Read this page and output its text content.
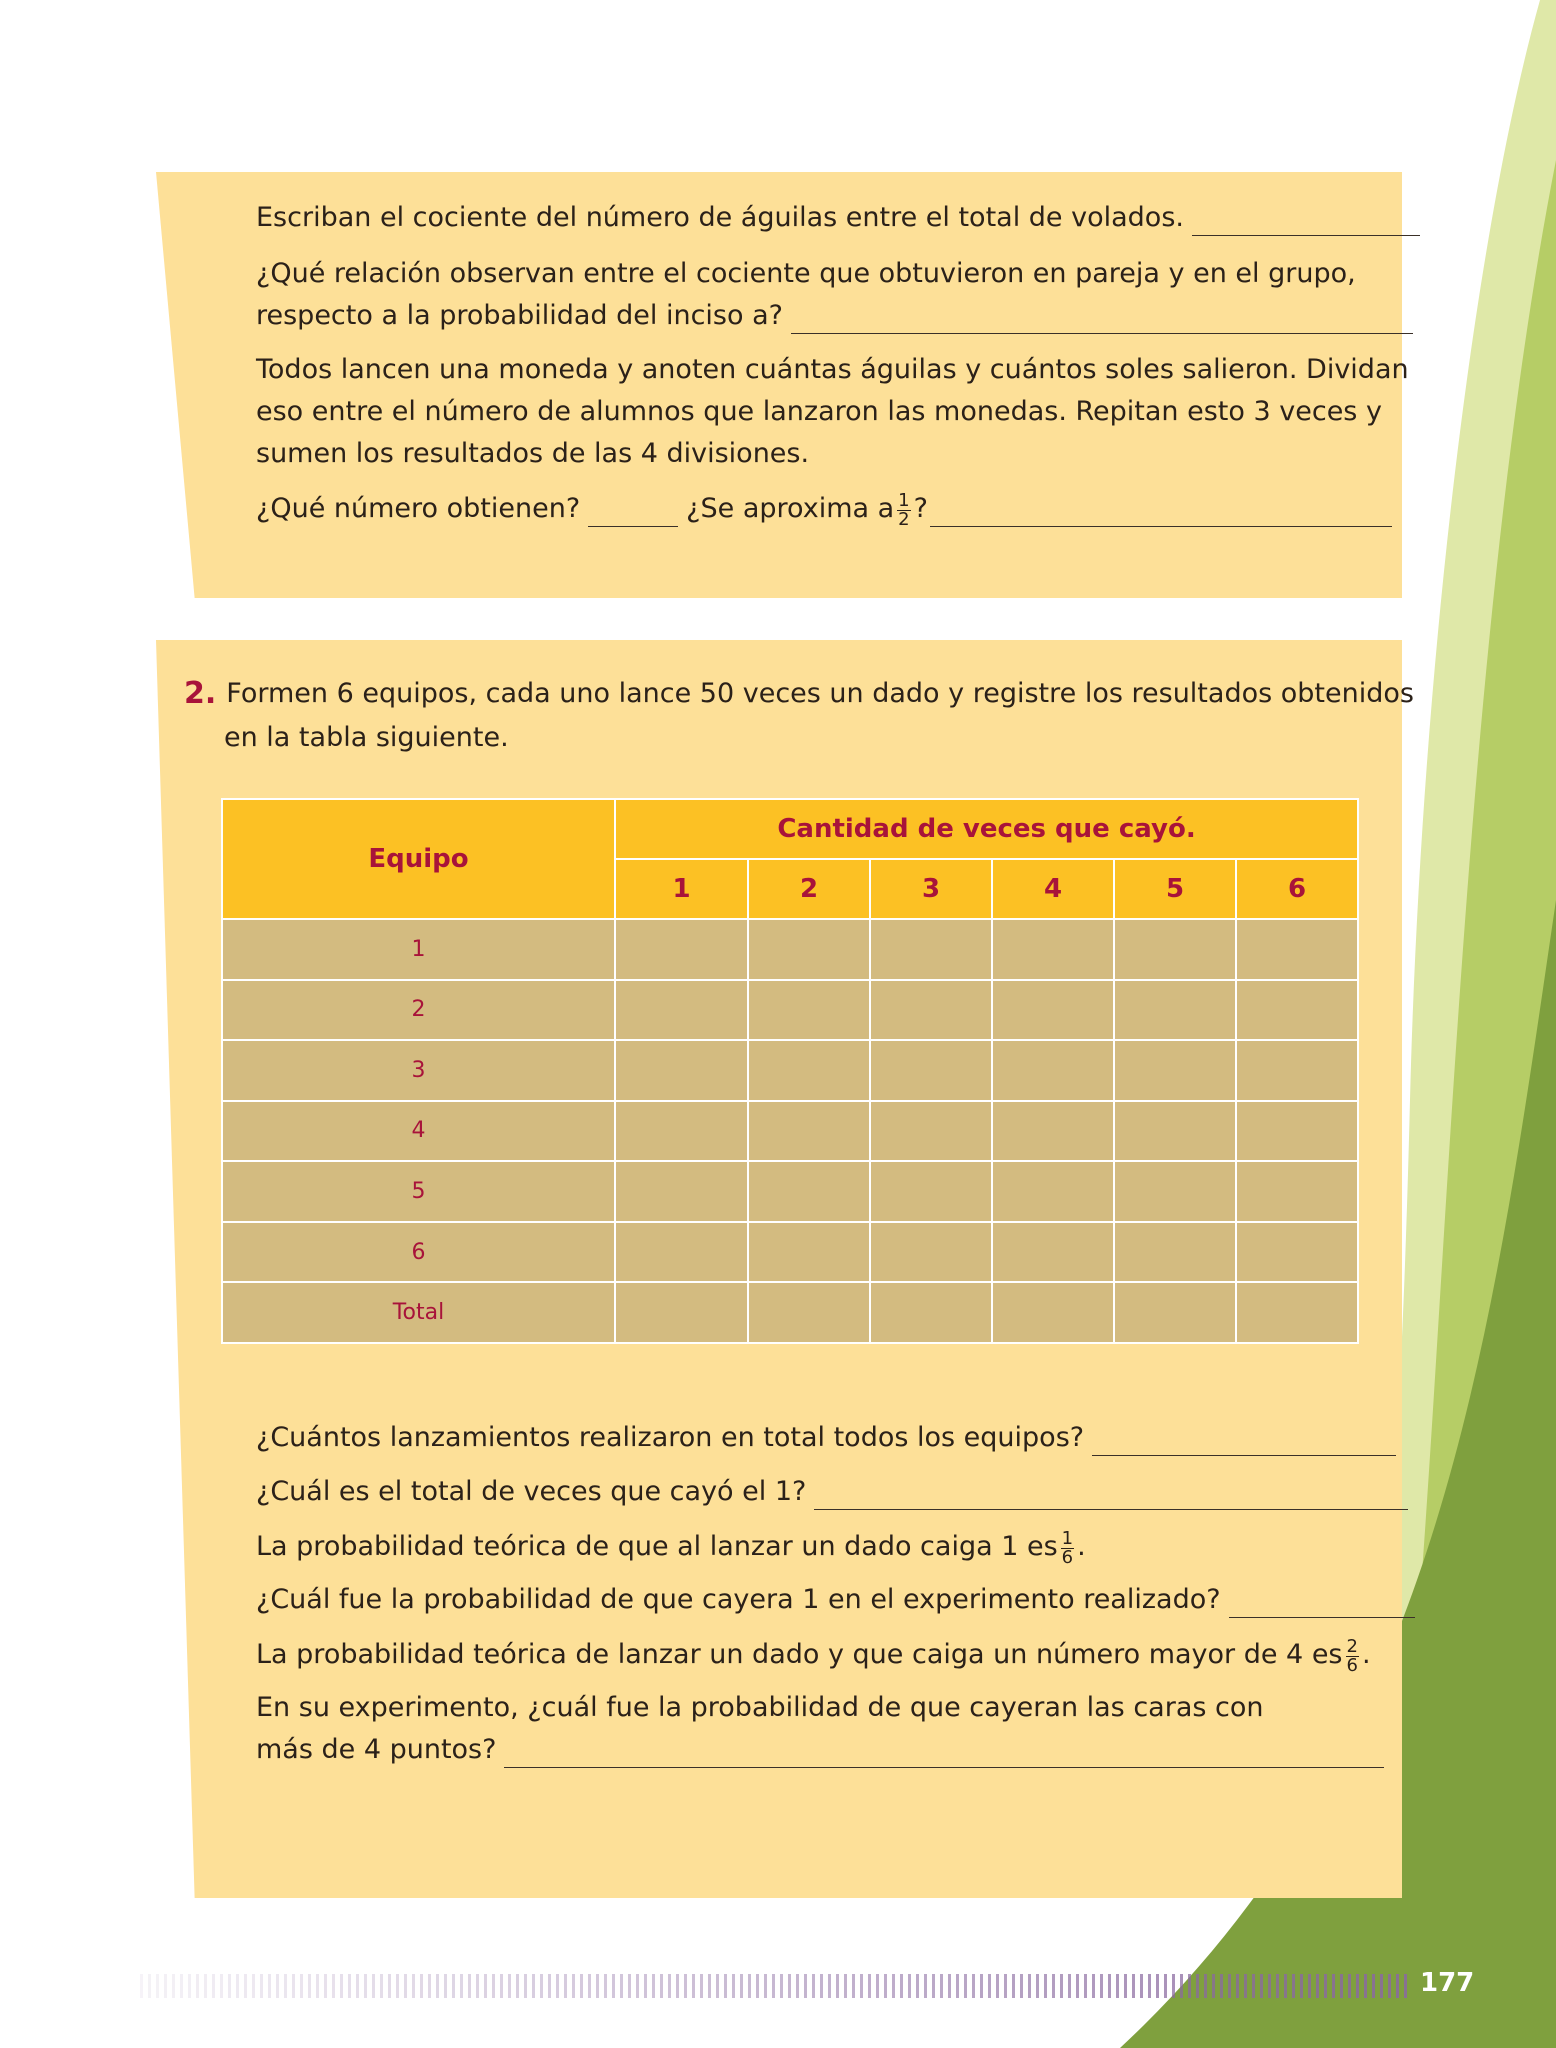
Escriban el cociente del número de águilas entre el total de volados.
¿Qué relación observan entre el cociente que obtuvieron en pareja y en el grupo,
respecto a la probabilidad del inciso a?
Todos lancen una moneda y anoten cuántas águilas y cuántos soles salieron. Dividan
eso entre el número de alumnos que lanzaron las monedas. Repitan esto 3 veces y
sumen los resultados de las 4 divisiones.
¿Qué número obtienen?	¿Se aproxima a $\frac{1}{2}$ ?
2. Formen 6 equipos, cada uno lance 50 veces un dado y registre los resultados obtenidos
en la tabla siguiente.
Equipo	Cantidad de veces que cayó.					
	1	2	3	4	5	6
1						
2						
3						
4						
5						
6						
Total						
¿Cuántos lanzamientos realizaron en total todos los equipos?
¿Cuál es el total de veces que cayó el 1?
La probabilidad teórica de que al lanzar un dado caiga 1 es $\frac{1}{6}$ .
¿Cuál fue la probabilidad de que cayera 1 en el experimento realizado?
La probabilidad teórica de lanzar un dado y que caiga un número mayor de 4 es $\frac{2}{6}$ .
En su experimento, ¿cuál fue la probabilidad de que cayeran las caras con
más de 4 puntos?
177
